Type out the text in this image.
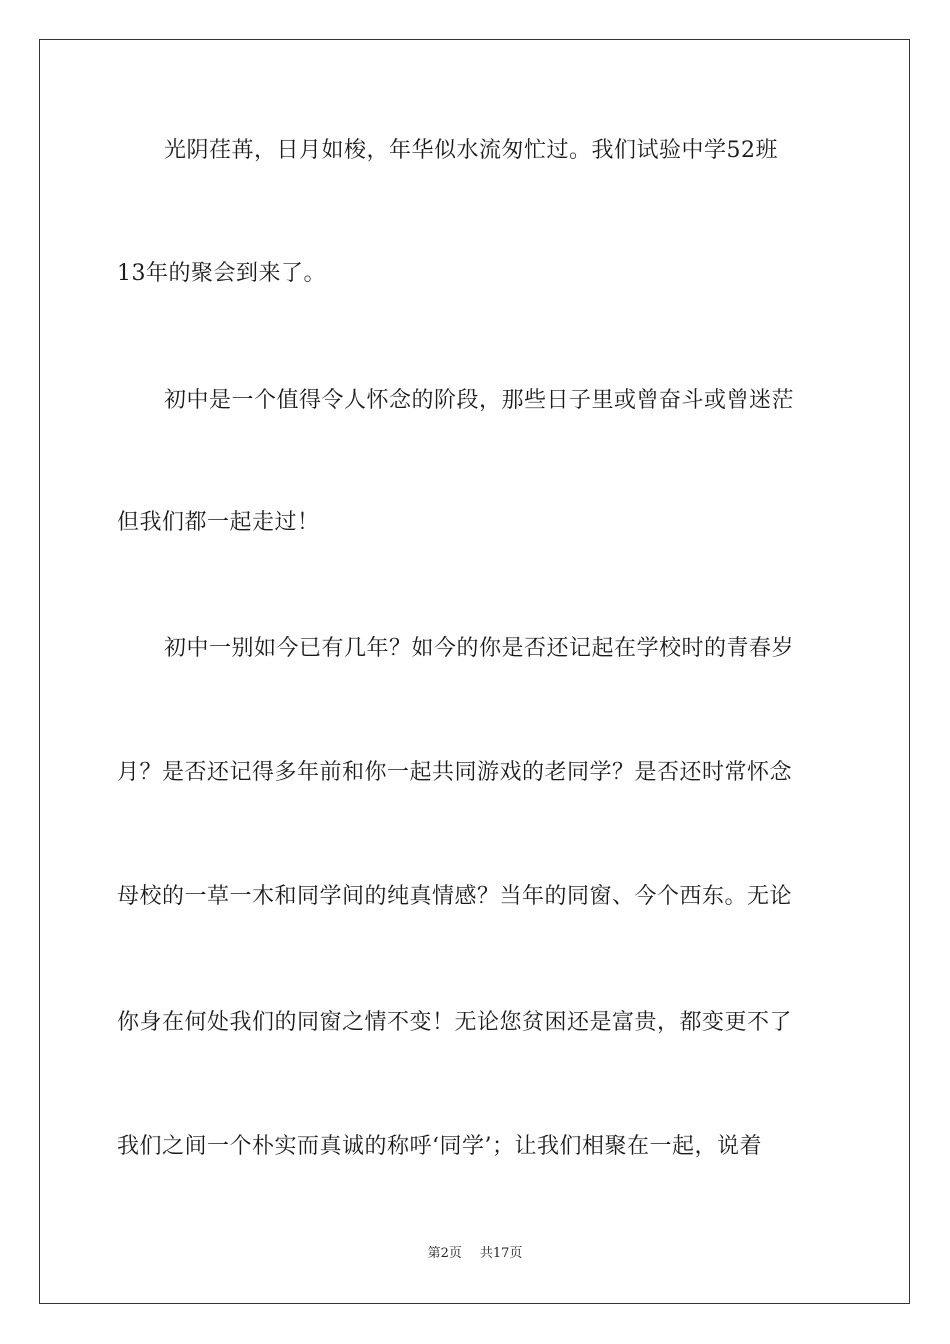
光阴荏苒，日月如梭，年华似水流匆忙过。我们试验中学52班
13年的聚会到来了。
初中是一个值得令人怀念的阶段，那些日子里或曾奋斗或曾迷茫
但我们都一起走过！
初中一别如今已有几年？如今的你是否还记起在学校时的青春岁
月？是否还记得多年前和你一起共同游戏的老同学？是否还时常怀念
母校的一草一木和同学间的纯真情感？当年的同窗、今个西东。无论
你身在何处我们的同窗之情不变！无论您贫困还是富贵，都变更不了
我们之间一个朴实而真诚的称呼‘同学’；让我们相聚在一起，说着
第2页 共17页
